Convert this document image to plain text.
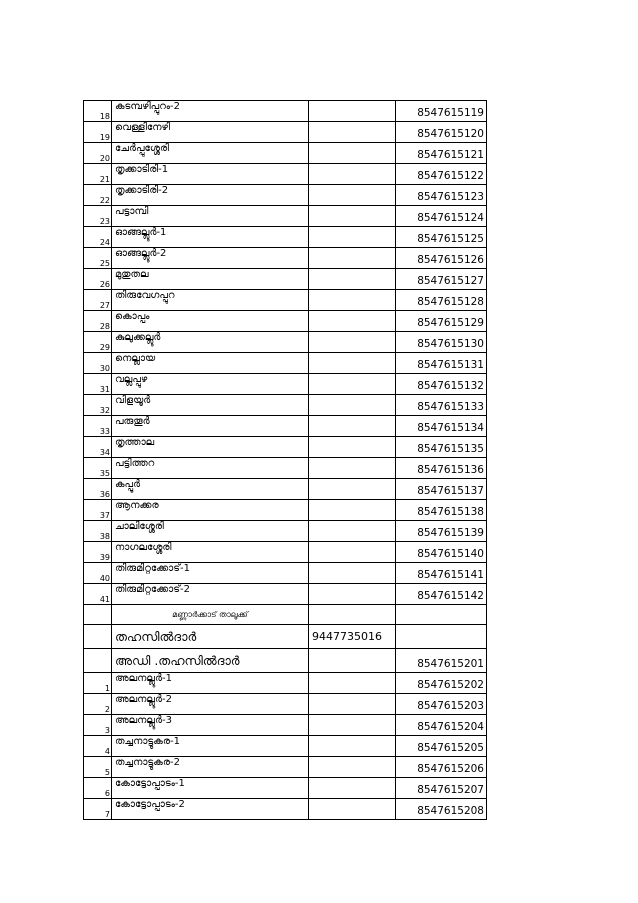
18	കടമ്പഴിപ്പുറം-2		8547615119
19	വെള്ളിനേഴി		8547615120
20	ചേര്‍പ്പുശ്ശേരി		8547615121
21	തൃക്കാടിരി-1		8547615122
22	തൃക്കാടിരി-2		8547615123
23	പട്ടാമ്പി		8547615124
24	ഓങ്ങല്ലൂര്‍-1		8547615125
25	ഓങ്ങല്ലൂര്‍-2		8547615126
26	മുതുതല		8547615127
27	തിരുവേഗപ്പുറ		8547615128
28	കൊപ്പം		8547615129
29	കുലുക്കല്ലൂര്‍		8547615130
30	നെല്ലായ		8547615131
31	വല്ലപ്പുഴ		8547615132
32	വിളയൂര്‍		8547615133
33	പരുതൂര്‍		8547615134
34	തൃത്താല		8547615135
35	പട്ടിത്തറ		8547615136
36	കപ്പൂര്‍		8547615137
37	ആനക്കര		8547615138
38	ചാലിശ്ശേരി		8547615139
39	നാഗലശ്ശേരി		8547615140
40	തിരുമിറ്റക്കോട്-1		8547615141
41	തിരുമിറ്റക്കോട്-2		8547615142
	മണ്ണാര്‍ക്കാട് താലൂക്ക്		
	തഹസില്‍ദാര്‍	9447735016	
	അഡി .തഹസില്‍ദാര്‍		8547615201
1	അലനല്ലൂര്‍-1		8547615202
2	അലനല്ലൂര്‍-2		8547615203
3	അലനല്ലൂര്‍-3		8547615204
4	തച്ചനാട്ടുകര-1		8547615205
5	തച്ചനാട്ടുകര-2		8547615206
6	കോട്ടോപ്പാടം-1		8547615207
7	കോട്ടോപ്പാടം-2		8547615208
